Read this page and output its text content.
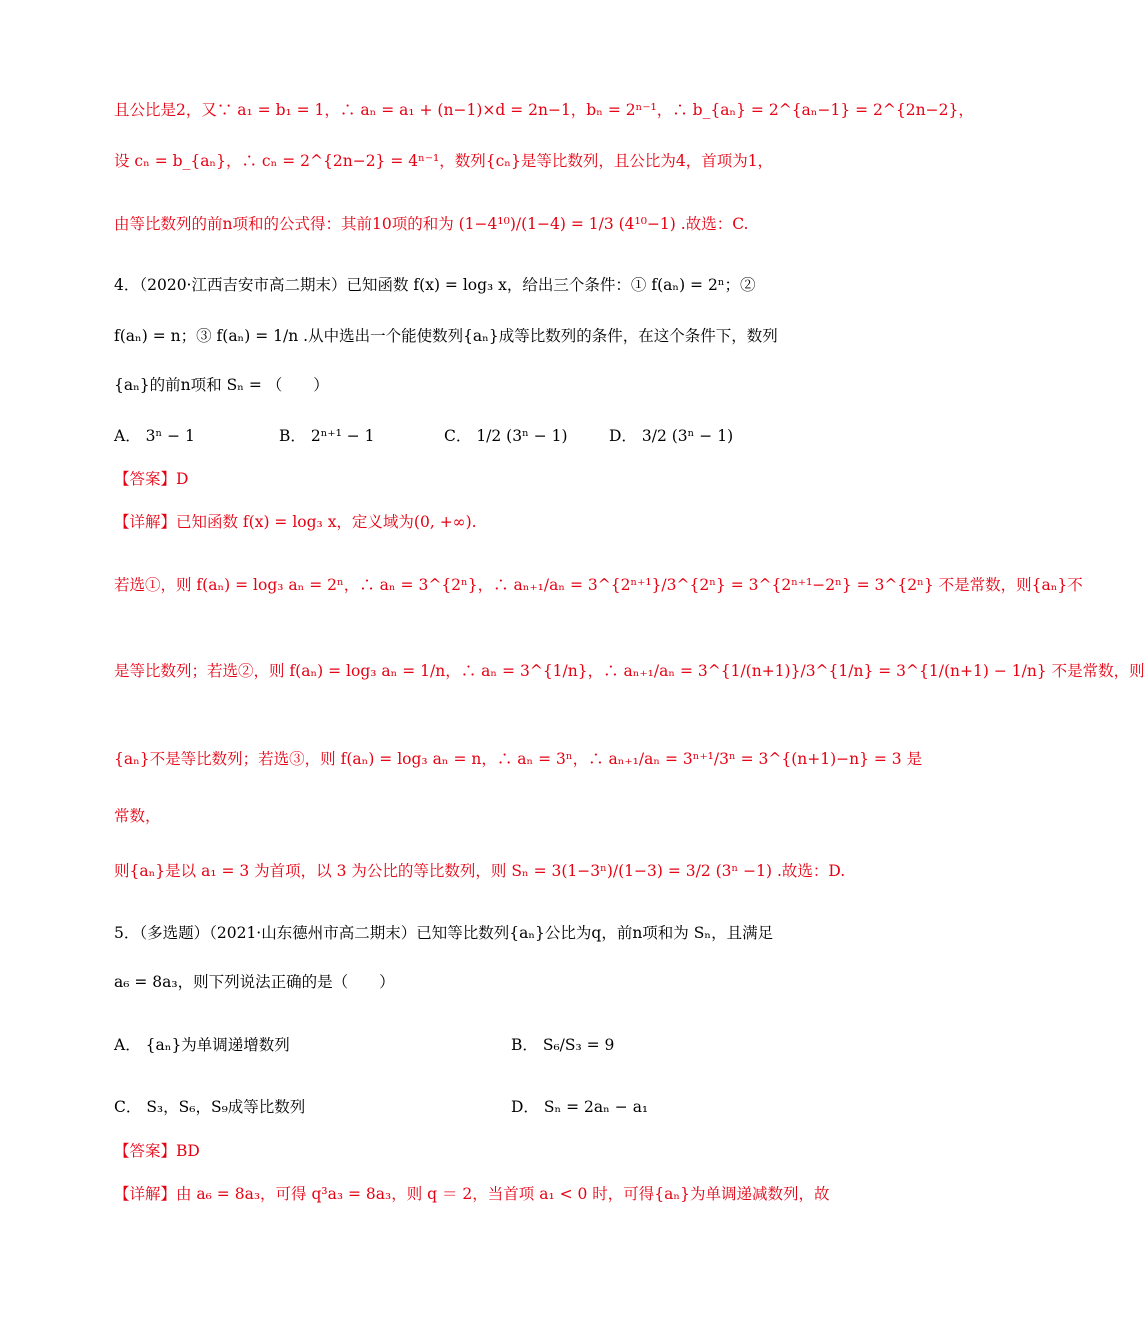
且公比是2，又∵ a₁ = b₁ = 1，∴ aₙ = a₁ + (n−1)×d = 2n−1，bₙ = 2ⁿ⁻¹，∴ b_{aₙ} = 2^{aₙ−1} = 2^{2n−2}，
设 cₙ = b_{aₙ}，∴ cₙ = 2^{2n−2} = 4ⁿ⁻¹，数列{cₙ}是等比数列，且公比为4，首项为1，
由等比数列的前n项和的公式得：其前10项的和为 (1−4¹⁰)/(1−4) = 1/3 (4¹⁰−1) .故选：C.
4．（2020·江西吉安市高二期末）已知函数 f(x) = log₃ x，给出三个条件：① f(aₙ) = 2ⁿ；②
f(aₙ) = n；③ f(aₙ) = 1/n .从中选出一个能使数列{aₙ}成等比数列的条件，在这个条件下，数列
{aₙ}的前n项和 Sₙ = （　　）
A． 3ⁿ − 1	B． 2ⁿ⁺¹ − 1	C． 1/2 (3ⁿ − 1)	D． 3/2 (3ⁿ − 1)
【答案】D
【详解】已知函数 f(x) = log₃ x，定义域为(0, +∞).
若选①，则 f(aₙ) = log₃ aₙ = 2ⁿ，∴ aₙ = 3^{2ⁿ}，∴ aₙ₊₁/aₙ = 3^{2ⁿ⁺¹}/3^{2ⁿ} = 3^{2ⁿ⁺¹−2ⁿ} = 3^{2ⁿ} 不是常数，则{aₙ}不
是等比数列；若选②，则 f(aₙ) = log₃ aₙ = 1/n，∴ aₙ = 3^{1/n}，∴ aₙ₊₁/aₙ = 3^{1/(n+1)}/3^{1/n} = 3^{1/(n+1) − 1/n} 不是常数，则
{aₙ}不是等比数列；若选③，则 f(aₙ) = log₃ aₙ = n，∴ aₙ = 3ⁿ，∴ aₙ₊₁/aₙ = 3ⁿ⁺¹/3ⁿ = 3^{(n+1)−n} = 3 是
常数，
则{aₙ}是以 a₁ = 3 为首项，以 3 为公比的等比数列，则 Sₙ = 3(1−3ⁿ)/(1−3) = 3/2 (3ⁿ −1) .故选：D.
5．（多选题）（2021·山东德州市高二期末）已知等比数列{aₙ}公比为q，前n项和为 Sₙ，且满足
a₆ = 8a₃，则下列说法正确的是（　　）
A． {aₙ}为单调递增数列	B． S₆/S₃ = 9
C． S₃，S₆，S₉成等比数列	D． Sₙ = 2aₙ − a₁
【答案】BD
【详解】由 a₆ = 8a₃，可得 q³a₃ = 8a₃，则 q ＝ 2，当首项 a₁ < 0 时，可得{aₙ}为单调递减数列，故
